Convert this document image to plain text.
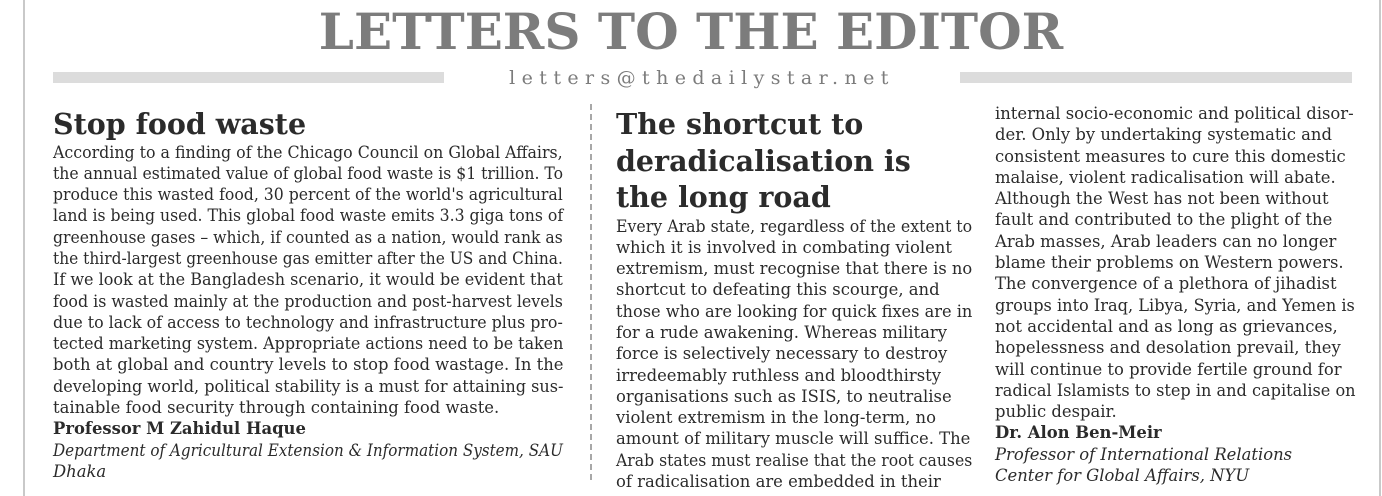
LETTERS TO THE EDITOR
letters@thedailystar.net
Stop food waste
According to a finding of the Chicago Council on Global Affairs,
the annual estimated value of global food waste is $1 trillion. To
produce this wasted food, 30 percent of the world's agricultural
land is being used. This global food waste emits 3.3 giga tons of
greenhouse gases – which, if counted as a nation, would rank as
the third-largest greenhouse gas emitter after the US and China.
If we look at the Bangladesh scenario, it would be evident that
food is wasted mainly at the production and post-harvest levels
due to lack of access to technology and infrastructure plus pro-
tected marketing system. Appropriate actions need to be taken
both at global and country levels to stop food wastage. In the
developing world, political stability is a must for attaining sus-
tainable food security through containing food waste.
Professor M Zahidul Haque
Department of Agricultural Extension & Information System, SAU
Dhaka
The shortcut to
deradicalisation is
the long road
Every Arab state, regardless of the extent to
which it is involved in combating violent
extremism, must recognise that there is no
shortcut to defeating this scourge, and
those who are looking for quick fixes are in
for a rude awakening. Whereas military
force is selectively necessary to destroy
irredeemably ruthless and bloodthirsty
organisations such as ISIS, to neutralise
violent extremism in the long-term, no
amount of military muscle will suffice. The
Arab states must realise that the root causes
of radicalisation are embedded in their
internal socio-economic and political disor-
der. Only by undertaking systematic and
consistent measures to cure this domestic
malaise, violent radicalisation will abate.
Although the West has not been without
fault and contributed to the plight of the
Arab masses, Arab leaders can no longer
blame their problems on Western powers.
The convergence of a plethora of jihadist
groups into Iraq, Libya, Syria, and Yemen is
not accidental and as long as grievances,
hopelessness and desolation prevail, they
will continue to provide fertile ground for
radical Islamists to step in and capitalise on
public despair.
Dr. Alon Ben-Meir
Professor of International Relations
Center for Global Affairs, NYU
